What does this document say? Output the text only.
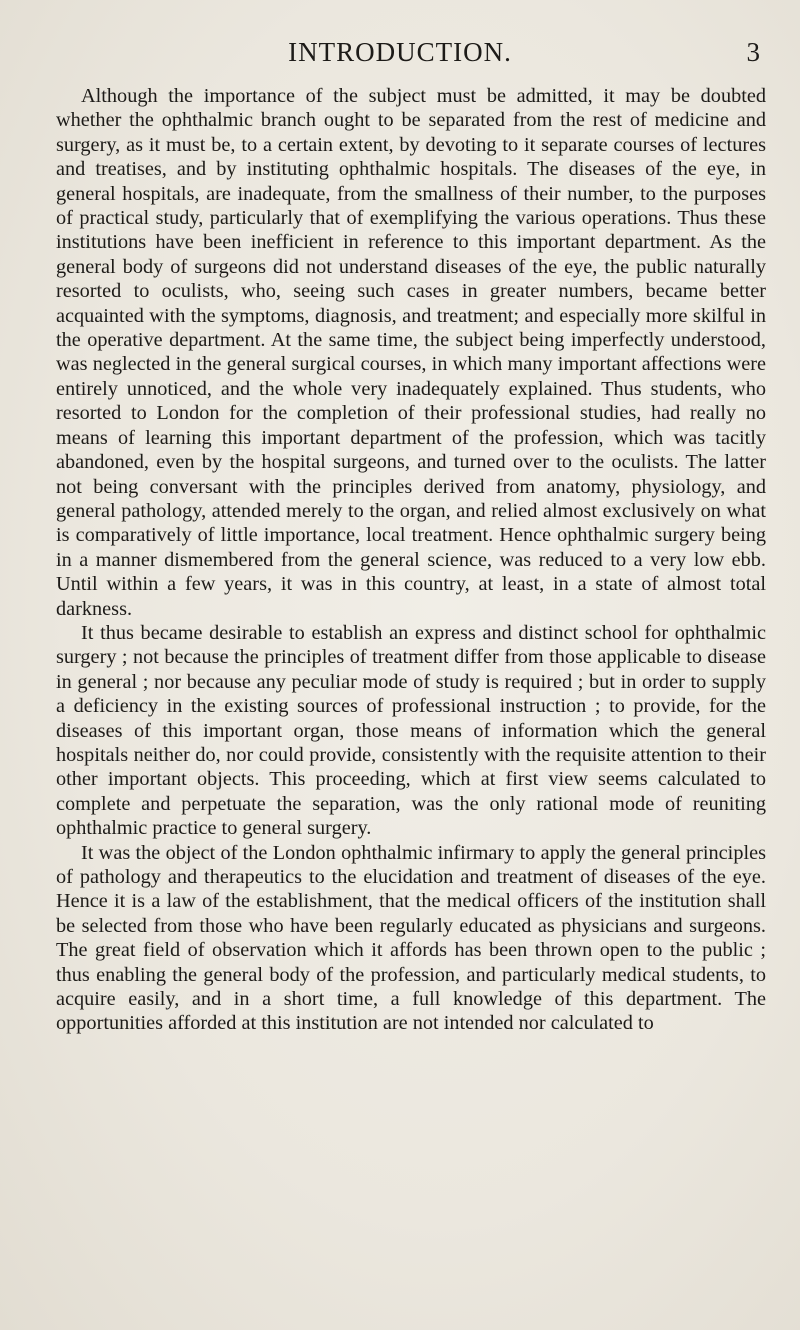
INTRODUCTION.	3

Although the importance of the subject must be admitted, it may be doubted whether the ophthalmic branch ought to be separated from the rest of medicine and surgery, as it must be, to a certain extent, by devoting to it separate courses of lectures and treatises, and by instituting ophthalmic hospitals. The diseases of the eye, in general hospitals, are inadequate, from the smallness of their number, to the purposes of practical study, particularly that of exemplifying the various operations. Thus these institutions have been inefficient in reference to this important department. As the general body of surgeons did not understand diseases of the eye, the public naturally resorted to oculists, who, seeing such cases in greater numbers, became better acquainted with the symptoms, diagnosis, and treatment; and especially more skilful in the operative department. At the same time, the subject being imperfectly understood, was neglected in the general surgical courses, in which many important affections were entirely unnoticed, and the whole very inadequately explained. Thus students, who resorted to London for the completion of their professional studies, had really no means of learning this important department of the profession, which was tacitly abandoned, even by the hospital surgeons, and turned over to the oculists. The latter not being conversant with the principles derived from anatomy, physiology, and general pathology, attended merely to the organ, and relied almost exclusively on what is comparatively of little importance, local treatment. Hence ophthalmic surgery being in a manner dismembered from the general science, was reduced to a very low ebb. Until within a few years, it was in this country, at least, in a state of almost total darkness.

It thus became desirable to establish an express and distinct school for ophthalmic surgery ; not because the principles of treatment differ from those applicable to disease in general ; nor because any peculiar mode of study is required ; but in order to supply a deficiency in the existing sources of professional instruction ; to provide, for the diseases of this important organ, those means of information which the general hospitals neither do, nor could provide, consistently with the requisite attention to their other important objects. This proceeding, which at first view seems calculated to complete and perpetuate the separation, was the only rational mode of reuniting ophthalmic practice to general surgery.

It was the object of the London ophthalmic infirmary to apply the general principles of pathology and therapeutics to the elucidation and treatment of diseases of the eye. Hence it is a law of the establishment, that the medical officers of the institution shall be selected from those who have been regularly educated as physicians and surgeons. The great field of observation which it affords has been thrown open to the public ; thus enabling the general body of the profession, and particularly medical students, to acquire easily, and in a short time, a full knowledge of this department. The opportunities afforded at this institution are not intended nor calculated to
